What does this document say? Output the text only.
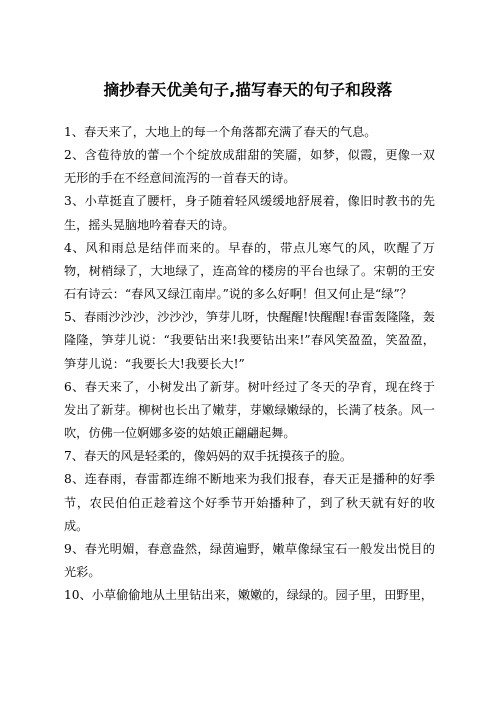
摘抄春天优美句子,描写春天的句子和段落

1、春天来了，大地上的每一个角落都充满了春天的气息。

2、含苞待放的蕾一个个绽放成甜甜的笑靥，如梦，似霞，更像一双无形的手在不经意间流泻的一首春天的诗。

3、小草挺直了腰杆，身子随着轻风缓缓地舒展着，像旧时教书的先生，摇头晃脑地吟着春天的诗。

4、风和雨总是结伴而来的。早春的，带点儿寒气的风，吹醒了万物，树梢绿了，大地绿了，连高耸的楼房的平台也绿了。宋朝的王安石有诗云：“春风又绿江南岸。”说的多么好啊！但又何止是“绿”？

5、春雨沙沙沙，沙沙沙，笋芽儿呀，快醒醒!快醒醒!春雷轰隆隆，轰隆隆，笋芽儿说：“我要钻出来!我要钻出来!”春风笑盈盈，笑盈盈，笋芽儿说：“我要长大!我要长大!”

6、春天来了，小树发出了新芽。树叶经过了冬天的孕育，现在终于发出了新芽。柳树也长出了嫩芽，芽嫩绿嫩绿的，长满了枝条。风一吹，仿佛一位婀娜多姿的姑娘正翩翩起舞。

7、春天的风是轻柔的，像妈妈的双手抚摸孩子的脸。

8、连春雨，春雷都连绵不断地来为我们报春，春天正是播种的好季节，农民伯伯正趁着这个好季节开始播种了，到了秋天就有好的收成。

9、春光明媚，春意盎然，绿茵遍野，嫩草像绿宝石一般发出悦目的光彩。

10、小草偷偷地从土里钻出来，嫩嫩的，绿绿的。园子里，田野里，
